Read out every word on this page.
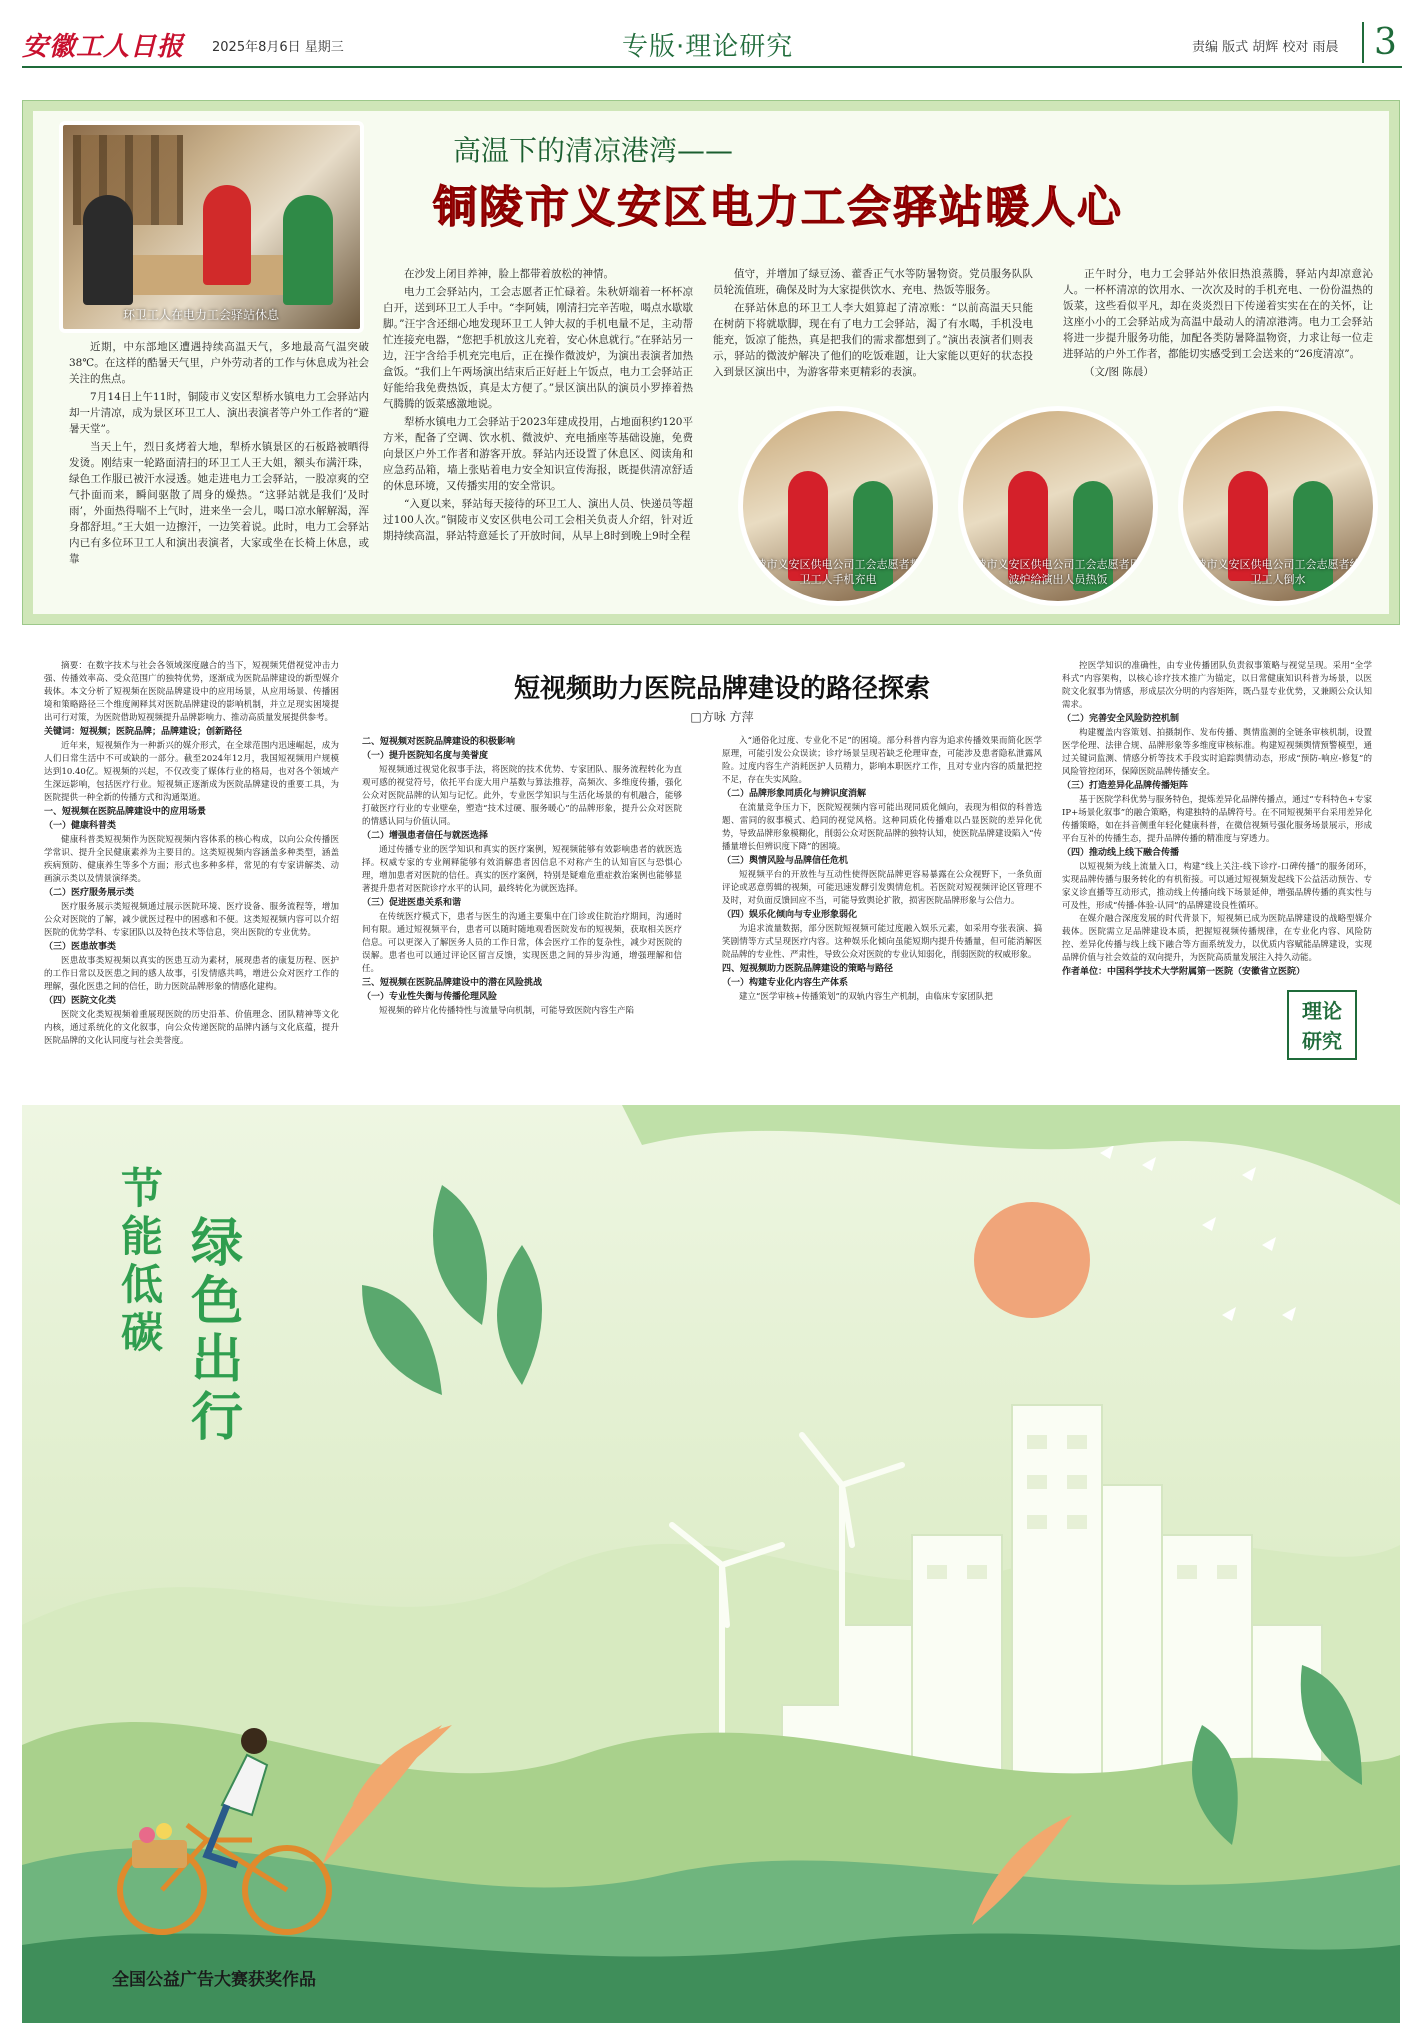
安徽工人日报 2025年8月6日 星期三	专版·理论研究	责编 版式 胡辉 校对 雨晨 3
环卫工人在电力工会驿站休息
高温下的清凉港湾——
铜陵市义安区电力工会驿站暖人心

近期，中东部地区遭遇持续高温天气，多地最高气温突破38℃。在这样的酷暑天气里，户外劳动者的工作与休息成为社会关注的焦点。

7月14日上午11时，铜陵市义安区犁桥水镇电力工会驿站内却一片清凉，成为景区环卫工人、演出表演者等户外工作者的“避暑天堂”。

当天上午，烈日炙烤着大地，犁桥水镇景区的石板路被晒得发烫。刚结束一轮路面清扫的环卫工人王大姐，额头布满汗珠，绿色工作服已被汗水浸透。她走进电力工会驿站，一股凉爽的空气扑面而来，瞬间驱散了周身的燥热。“这驿站就是我们‘及时雨’，外面热得喘不上气时，进来坐一会儿，喝口凉水解解渴，浑身都舒坦。”王大姐一边擦汗，一边笑着说。此时，电力工会驿站内已有多位环卫工人和演出表演者，大家或坐在长椅上休息，或靠

在沙发上闭目养神，脸上都带着放松的神情。

电力工会驿站内，工会志愿者正忙碌着。朱秋妍端着一杯杯凉白开，送到环卫工人手中。“李阿姨，刚清扫完辛苦啦，喝点水歇歇脚。”汪宇含还细心地发现环卫工人钟大叔的手机电量不足，主动帮忙连接充电器，“您把手机放这儿充着，安心休息就行。”在驿站另一边，汪宇含给手机充完电后，正在操作微波炉，为演出表演者加热盒饭。“我们上午两场演出结束后正好赶上午饭点，电力工会驿站正好能给我免费热饭，真是太方便了。”景区演出队的演员小罗捧着热气腾腾的饭菜感激地说。

犁桥水镇电力工会驿站于2023年建成投用，占地面积约120平方米，配备了空调、饮水机、微波炉、充电插座等基础设施，免费向景区户外工作者和游客开放。驿站内还设置了休息区、阅读角和应急药品箱，墙上张贴着电力安全知识宣传海报，既提供清凉舒适的休息环境，又传播实用的安全常识。

“入夏以来，驿站每天接待的环卫工人、演出人员、快递员等超过100人次。”铜陵市义安区供电公司工会相关负责人介绍，针对近期持续高温，驿站特意延长了开放时间，从早上8时到晚上9时全程

值守，并增加了绿豆汤、藿香正气水等防暑物资。党员服务队队员轮流值班，确保及时为大家提供饮水、充电、热饭等服务。

在驿站休息的环卫工人李大姐算起了清凉账：“以前高温天只能在树荫下将就歇脚，现在有了电力工会驿站，渴了有水喝，手机没电能充，饭凉了能热，真是把我们的需求都想到了。”演出表演者们则表示，驿站的微波炉解决了他们的吃饭难题，让大家能以更好的状态投入到景区演出中，为游客带来更精彩的表演。

正午时分，电力工会驿站外依旧热浪蒸腾，驿站内却凉意沁人。一杯杯清凉的饮用水、一次次及时的手机充电、一份份温热的饭菜，这些看似平凡，却在炎炎烈日下传递着实实在在的关怀，让这座小小的工会驿站成为高温中最动人的清凉港湾。电力工会驿站将进一步提升服务功能，加配各类防暑降温物资，力求让每一位走进驿站的户外工作者，都能切实感受到工会送来的“26度清凉”。

（文/图 陈晨）

铜陵市义安区供电公司工会志愿者帮环卫工人手机充电
铜陵市义安区供电公司工会志愿者用微波炉给演出人员热饭
铜陵市义安区供电公司工会志愿者给环卫工人倒水
短视频助力医院品牌建设的路径探索
□方咏 方萍

摘要：在数字技术与社会各领域深度融合的当下，短视频凭借视觉冲击力强、传播效率高、受众范围广的独特优势，逐渐成为医院品牌建设的新型媒介载体。本文分析了短视频在医院品牌建设中的应用场景，从应用场景、传播困境和策略路径三个维度阐释其对医院品牌建设的影响机制，并立足现实困境提出可行对策，为医院借助短视频提升品牌影响力、推动高质量发展提供参考。

关键词：短视频；医院品牌；品牌建设；创新路径

近年来，短视频作为一种新兴的媒介形式，在全球范围内迅速崛起，成为人们日常生活中不可或缺的一部分。截至2024年12月，我国短视频用户规模达到10.40亿。短视频的兴起，不仅改变了媒体行业的格局，也对各个领域产生深远影响，包括医疗行业。短视频正逐渐成为医院品牌建设的重要工具，为医院提供一种全新的传播方式和沟通渠道。

一、短视频在医院品牌建设中的应用场景
（一）健康科普类

健康科普类短视频作为医院短视频内容体系的核心构成，以向公众传播医学常识、提升全民健康素养为主要目的。这类短视频内容涵盖多种类型，涵盖疾病预防、健康养生等多个方面；形式也多种多样，常见的有专家讲解类、动画演示类以及情景演绎类。

（二）医疗服务展示类

医疗服务展示类短视频通过展示医院环境、医疗设备、服务流程等，增加公众对医院的了解，减少就医过程中的困惑和不便。这类短视频内容可以介绍医院的优势学科、专家团队以及特色技术等信息，突出医院的专业优势。

（三）医患故事类

医患故事类短视频以真实的医患互动为素材，展现患者的康复历程、医护的工作日常以及医患之间的感人故事，引发情感共鸣，增进公众对医疗工作的理解，强化医患之间的信任，助力医院品牌形象的情感化建构。

（四）医院文化类

医院文化类短视频着重展现医院的历史沿革、价值理念、团队精神等文化内核，通过系统化的文化叙事，向公众传递医院的品牌内涵与文化底蕴，提升医院品牌的文化认同度与社会美誉度。

二、短视频对医院品牌建设的积极影响
（一）提升医院知名度与美誉度

短视频通过视觉化叙事手法，将医院的技术优势、专家团队、服务流程转化为直观可感的视觉符号，依托平台庞大用户基数与算法推荐，高频次、多维度传播，强化公众对医院品牌的认知与记忆。此外，专业医学知识与生活化场景的有机融合，能够打破医疗行业的专业壁垒，塑造“技术过硬、服务暖心”的品牌形象，提升公众对医院的情感认同与价值认同。

（二）增强患者信任与就医选择

通过传播专业的医学知识和真实的医疗案例，短视频能够有效影响患者的就医选择。权威专家的专业阐释能够有效消解患者因信息不对称产生的认知盲区与恐惧心理，增加患者对医院的信任。真实的医疗案例，特别是疑难危重症救治案例也能够显著提升患者对医院诊疗水平的认同，最终转化为就医选择。

（三）促进医患关系和谐

在传统医疗模式下，患者与医生的沟通主要集中在门诊或住院治疗期间，沟通时间有限。通过短视频平台，患者可以随时随地观看医院发布的短视频，获取相关医疗信息。可以更深入了解医务人员的工作日常，体会医疗工作的复杂性，减少对医院的误解。患者也可以通过评论区留言反馈，实现医患之间的异步沟通，增强理解和信任。

三、短视频在医院品牌建设中的潜在风险挑战
（一）专业性失衡与传播伦理风险

短视频的碎片化传播特性与流量导向机制，可能导致医院内容生产陷

入“通俗化过度、专业化不足”的困境。部分科普内容为追求传播效果而简化医学原理，可能引发公众误读；诊疗场景呈现若缺乏伦理审查，可能涉及患者隐私泄露风险。过度内容生产消耗医护人员精力，影响本职医疗工作，且对专业内容的质量把控不足，存在失实风险。

（二）品牌形象同质化与辨识度消解

在流量竞争压力下，医院短视频内容可能出现同质化倾向，表现为相似的科普选题、雷同的叙事模式、趋同的视觉风格。这种同质化传播难以凸显医院的差异化优势，导致品牌形象模糊化，削弱公众对医院品牌的独特认知，使医院品牌建设陷入“传播量增长但辨识度下降”的困境。

（三）舆情风险与品牌信任危机

短视频平台的开放性与互动性使得医院品牌更容易暴露在公众视野下，一条负面评论或恶意剪辑的视频，可能迅速发酵引发舆情危机。若医院对短视频评论区管理不及时，对负面反馈回应不当，可能导致舆论扩散，损害医院品牌形象与公信力。

（四）娱乐化倾向与专业形象弱化

为追求流量数据，部分医院短视频可能过度融入娱乐元素，如采用夸张表演、搞笑剧情等方式呈现医疗内容。这种娱乐化倾向虽能短期内提升传播量，但可能消解医院品牌的专业性、严肃性，导致公众对医院的专业认知弱化，削弱医院的权威形象。

四、短视频助力医院品牌建设的策略与路径
（一）构建专业化内容生产体系

建立“医学审核+传播策划”的双轨内容生产机制，由临床专家团队把

控医学知识的准确性，由专业传播团队负责叙事策略与视觉呈现。采用“全学科式”内容架构，以核心诊疗技术推广为锚定，以日常健康知识科普为场景，以医院文化叙事为情感，形成层次分明的内容矩阵，既凸显专业优势，又兼顾公众认知需求。

（二）完善安全风险防控机制

构建覆盖内容策划、拍摄制作、发布传播、舆情监测的全链条审核机制，设置医学伦理、法律合规、品牌形象等多维度审核标准。构建短视频舆情预警模型，通过关键词监测、情感分析等技术手段实时追踪舆情动态，形成“预防-响应-修复”的风险管控闭环，保障医院品牌传播安全。

（三）打造差异化品牌传播矩阵

基于医院学科优势与服务特色，提炼差异化品牌传播点，通过“专科特色+专家IP+场景化叙事”的融合策略，构建独特的品牌符号。在不同短视频平台采用差异化传播策略，如在抖音侧重年轻化健康科普，在微信视频号强化服务场景展示，形成平台互补的传播生态，提升品牌传播的精准度与穿透力。

（四）推动线上线下融合传播

以短视频为线上流量入口，构建“线上关注-线下诊疗-口碑传播”的服务闭环，实现品牌传播与服务转化的有机衔接。可以通过短视频发起线下公益活动预告、专家义诊直播等互动形式，推动线上传播向线下场景延伸，增强品牌传播的真实性与可及性，形成“传播-体验-认同”的品牌建设良性循环。

在媒介融合深度发展的时代背景下，短视频已成为医院品牌建设的战略型媒介载体。医院需立足品牌建设本质，把握短视频传播规律，在专业化内容、风险防控、差异化传播与线上线下融合等方面系统发力，以优质内容赋能品牌建设，实现品牌价值与社会效益的双向提升，为医院高质量发展注入持久动能。

作者单位：中国科学技术大学附属第一医院（安徽省立医院）
理论
研究
节能低碳
绿色出行
全国公益广告大赛获奖作品
